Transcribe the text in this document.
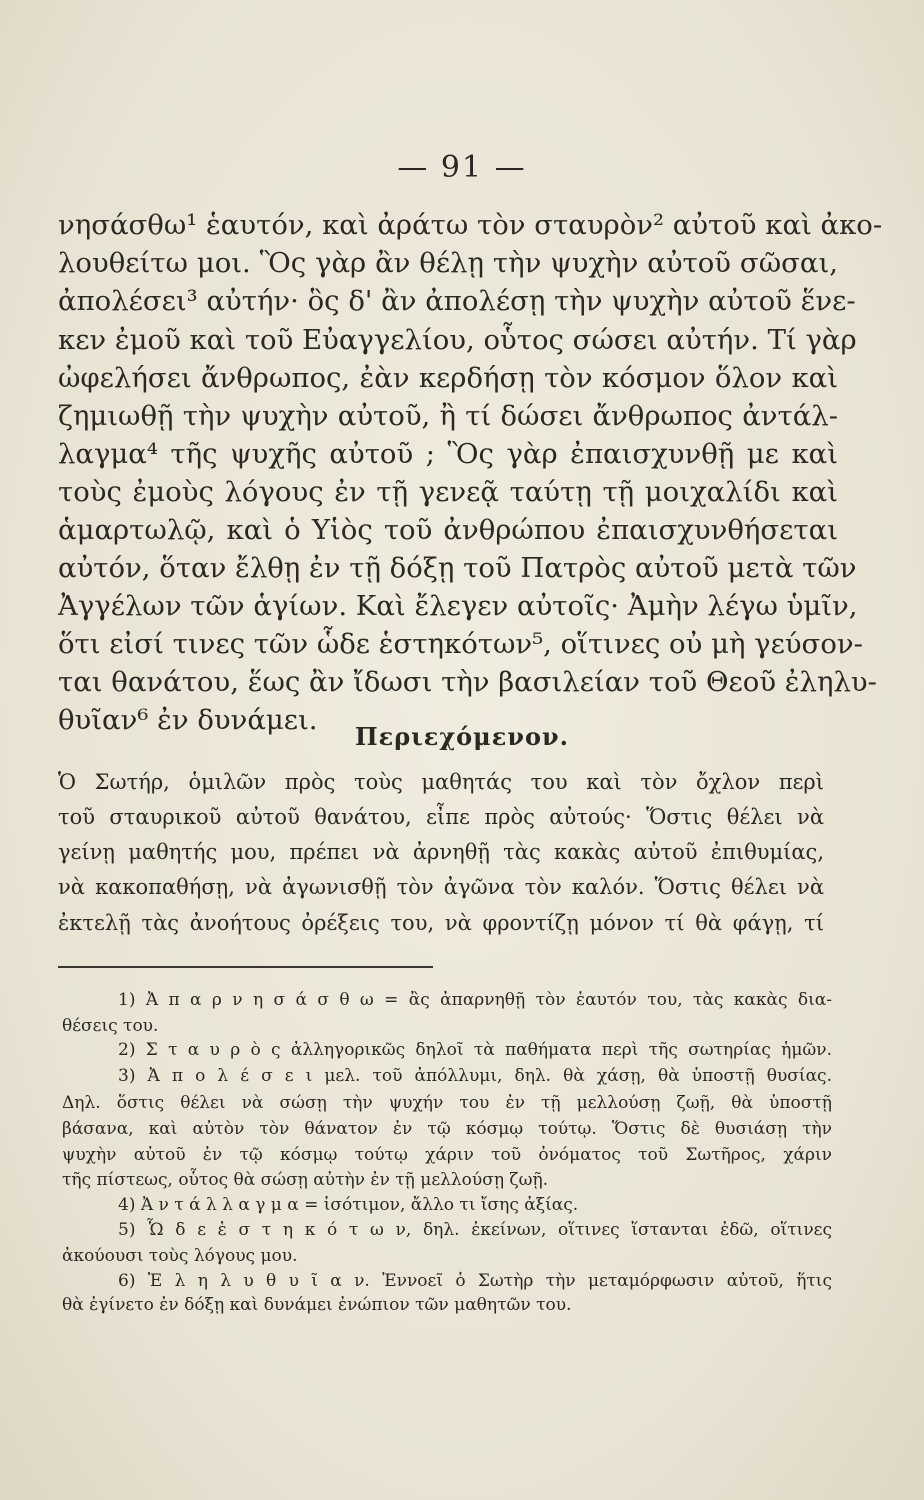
— 91 —
νησάσθω¹ ἑαυτόν, καὶ ἀράτω τὸν σταυρὸν² αὐτοῦ καὶ ἀκο-
λουθείτω μοι. Ὃς γὰρ ἂν θέλῃ τὴν ψυχὴν αὐτοῦ σῶσαι,
ἀπολέσει³ αὐτήν· ὃς δ' ἂν ἀπολέσῃ τὴν ψυχὴν αὐτοῦ ἕνε-
κεν ἐμοῦ καὶ τοῦ Εὐαγγελίου, οὗτος σώσει αὐτήν. Τί γὰρ
ὠφελήσει ἄνθρωπος, ἐὰν κερδήσῃ τὸν κόσμον ὅλον καὶ
ζημιωθῇ τὴν ψυχὴν αὐτοῦ, ἢ τί δώσει ἄνθρωπος ἀντάλ-
λαγμα⁴ τῆς ψυχῆς αὐτοῦ ; Ὃς γὰρ ἐπαισχυνθῇ με καὶ
τοὺς ἐμοὺς λόγους ἐν τῇ γενεᾷ ταύτῃ τῇ μοιχαλίδι καὶ
ἁμαρτωλῷ, καὶ ὁ Υἱὸς τοῦ ἀνθρώπου ἐπαισχυνθήσεται
αὐτόν, ὅταν ἔλθῃ ἐν τῇ δόξῃ τοῦ Πατρὸς αὐτοῦ μετὰ τῶν
Ἀγγέλων τῶν ἁγίων. Καὶ ἔλεγεν αὐτοῖς· Ἀμὴν λέγω ὑμῖν,
ὅτι εἰσί τινες τῶν ὧδε ἑστηκότων⁵, οἵτινες οὐ μὴ γεύσον-
ται θανάτου, ἕως ἂν ἴδωσι τὴν βασιλείαν τοῦ Θεοῦ ἐληλυ-
θυῖαν⁶ ἐν δυνάμει.
Περιεχόμενον.
Ὁ Σωτήρ, ὁμιλῶν πρὸς τοὺς μαθητάς του καὶ τὸν ὄχλον περὶ
τοῦ σταυρικοῦ αὐτοῦ θανάτου, εἶπε πρὸς αὐτούς· Ὅστις θέλει νὰ
γείνῃ μαθητής μου, πρέπει νὰ ἀρνηθῇ τὰς κακὰς αὐτοῦ ἐπιθυμίας,
νὰ κακοπαθήσῃ, νὰ ἀγωνισθῇ τὸν ἀγῶνα τὸν καλόν. Ὅστις θέλει νὰ
ἐκτελῇ τὰς ἀνοήτους ὀρέξεις του, νὰ φροντίζῃ μόνον τί θὰ φάγῃ, τί
1) Ἀ π α ρ ν η σ ά σ θ ω = ἂς ἀπαρνηθῇ τὸν ἑαυτόν του, τὰς κακὰς δια-
θέσεις του.
2) Σ τ α υ ρ ὸ ς ἀλληγορικῶς δηλοῖ τὰ παθήματα περὶ τῆς σωτηρίας ἡμῶν.
3) Ἀ π ο λ έ σ ε ι μελ. τοῦ ἀπόλλυμι, δηλ. θὰ χάσῃ, θὰ ὑποστῇ θυσίας.
Δηλ. ὅστις θέλει νὰ σώσῃ τὴν ψυχήν του ἐν τῇ μελλούσῃ ζωῇ, θὰ ὑποστῇ
βάσανα, καὶ αὐτὸν τὸν θάνατον ἐν τῷ κόσμῳ τούτῳ. Ὅστις δὲ θυσιάσῃ τὴν
ψυχὴν αὐτοῦ ἐν τῷ κόσμῳ τούτῳ χάριν τοῦ ὀνόματος τοῦ Σωτῆρος, χάριν
τῆς πίστεως, οὗτος θὰ σώσῃ αὐτὴν ἐν τῇ μελλούσῃ ζωῇ.
4) Ἀ ν τ ά λ λ α γ μ α = ἰσότιμον, ἄλλο τι ἴσης ἀξίας.
5) Ὧ δ ε ἑ σ τ η κ ό τ ω ν, δηλ. ἐκείνων, οἵτινες ἵστανται ἐδῶ, οἵτινες
ἀκούουσι τοὺς λόγους μου.
6) Ἐ λ η λ υ θ υ ῖ α ν. Ἐννοεῖ ὁ Σωτὴρ τὴν μεταμόρφωσιν αὐτοῦ, ἥτις
θὰ ἐγίνετο ἐν δόξῃ καὶ δυνάμει ἐνώπιον τῶν μαθητῶν του.
